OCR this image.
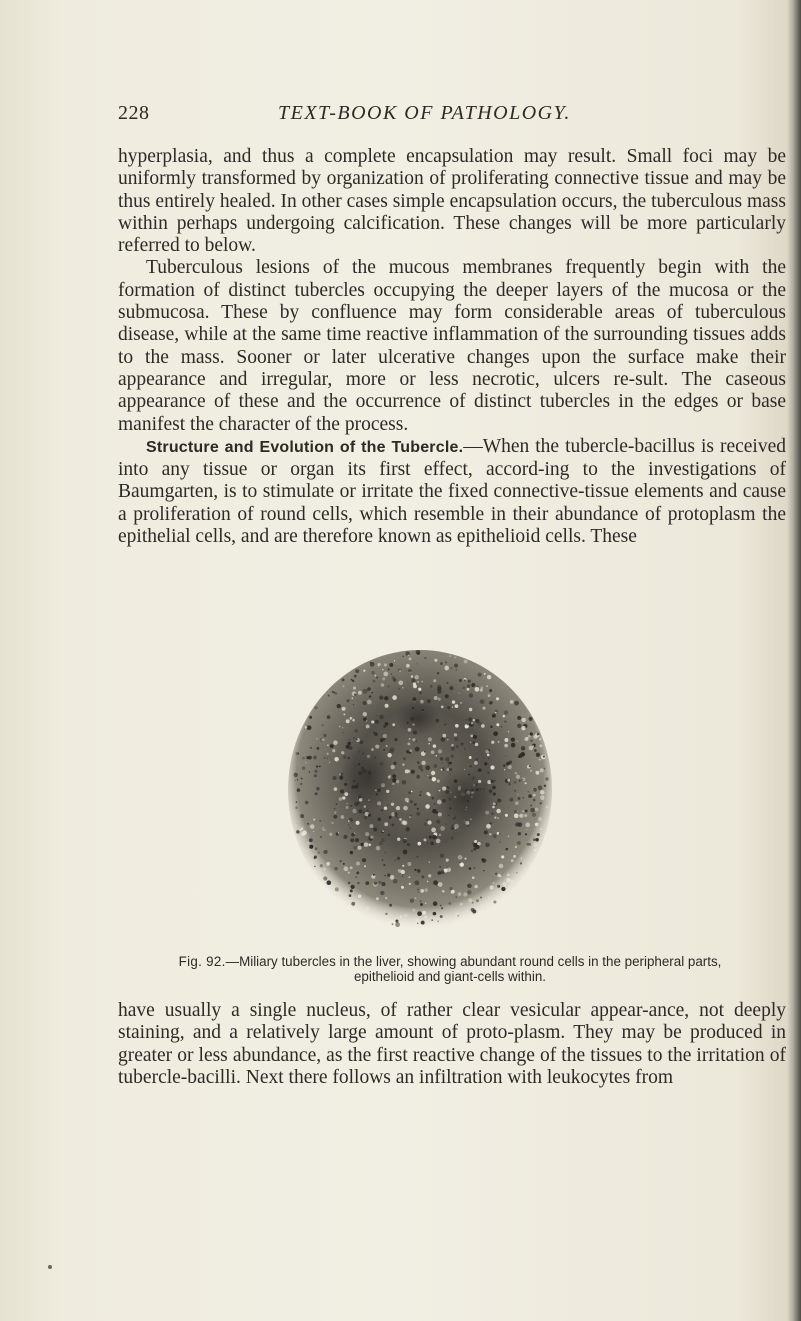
228	TEXT-BOOK OF PATHOLOGY.

hyperplasia, and thus a complete encapsulation may result. Small foci may be uniformly transformed by organization of proliferating connective tissue and may be thus entirely healed. In other cases simple encapsulation occurs, the tuberculous mass within perhaps undergoing calcification. These changes will be more particularly referred to below.

Tuberculous lesions of the mucous membranes frequently begin with the formation of distinct tubercles occupying the deeper layers of the mucosa or the submucosa. These by confluence may form considerable areas of tuberculous disease, while at the same time reactive inflammation of the surrounding tissues adds to the mass. Sooner or later ulcerative changes upon the surface make their appearance and irregular, more or less necrotic, ulcers re-sult. The caseous appearance of these and the occurrence of distinct tubercles in the edges or base manifest the character of the process.

Structure and Evolution of the Tubercle.—When the tubercle-bacillus is received into any tissue or organ its first effect, accord-ing to the investigations of Baumgarten, is to stimulate or irritate the fixed connective-tissue elements and cause a proliferation of round cells, which resemble in their abundance of protoplasm the epithelial cells, and are therefore known as epithelioid cells. These

Fig. 92.—Miliary tubercles in the liver, showing abundant round cells in the peripheral parts, epithelioid and giant-cells within.

have usually a single nucleus, of rather clear vesicular appear-ance, not deeply staining, and a relatively large amount of proto-plasm. They may be produced in greater or less abundance, as the first reactive change of the tissues to the irritation of tubercle-bacilli. Next there follows an infiltration with leukocytes from
